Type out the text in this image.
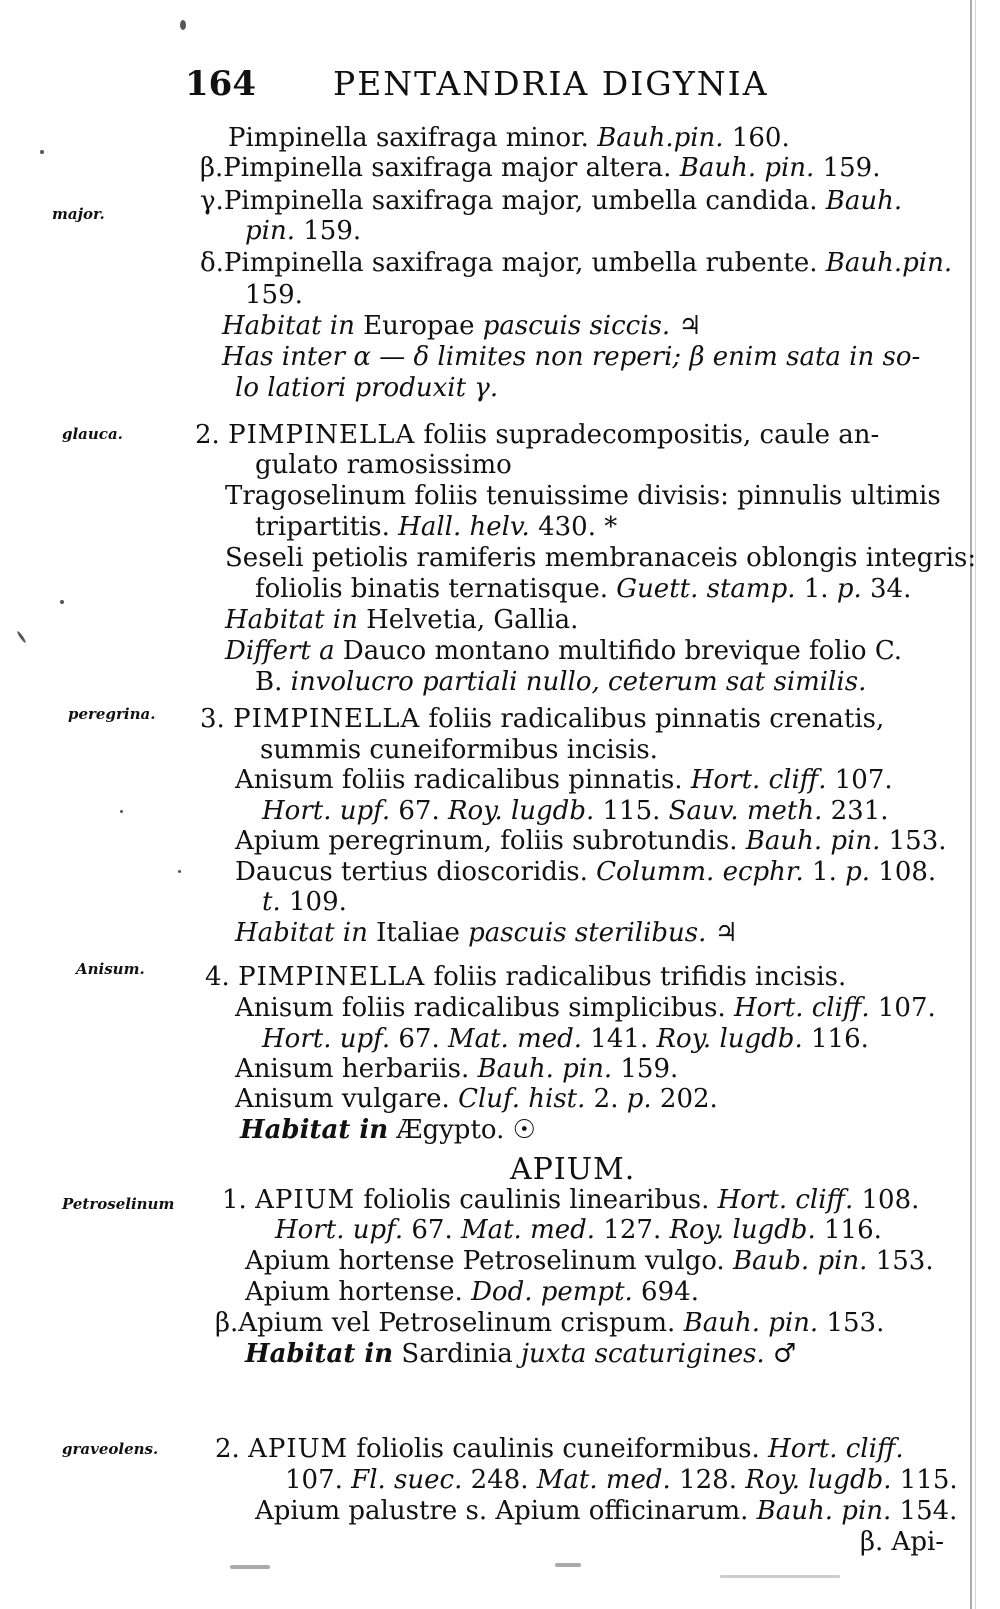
164 PENTANDRIA DIGYNIA
major.
glauca.
peregrina.
Anisum.
Petroselinum
graveolens.
Pimpinella saxifraga minor. Bauh.pin. 160.
β.Pimpinella saxifraga major altera. Bauh. pin. 159.
γ.Pimpinella saxifraga major, umbella candida. Bauh.
pin. 159.
δ.Pimpinella saxifraga major, umbella rubente. Bauh.pin.
159.
Habitat in Europae pascuis siccis. ♃
Has inter α — δ limites non reperi; β enim sata in so-
lo latiori produxit γ.
2. PIMPINELLA foliis supradecompositis, caule an-
gulato ramosissimo
Tragoselinum foliis tenuissime divisis: pinnulis ultimis
tripartitis. Hall. helv. 430. *
Seseli petiolis ramiferis membranaceis oblongis integris:
foliolis binatis ternatisque. Guett. stamp. 1. p. 34.
Habitat in Helvetia, Gallia.
Differt a Dauco montano multifido brevique folio C.
B. involucro partiali nullo, ceterum sat similis.
3. PIMPINELLA foliis radicalibus pinnatis crenatis,
summis cuneiformibus incisis.
Anisum foliis radicalibus pinnatis. Hort. cliff. 107.
Hort. upf. 67. Roy. lugdb. 115. Sauv. meth. 231.
Apium peregrinum, foliis subrotundis. Bauh. pin. 153.
Daucus tertius dioscoridis. Columm. ecphr. 1. p. 108.
t. 109.
Habitat in Italiae pascuis sterilibus. ♃
4. PIMPINELLA foliis radicalibus trifidis incisis.
Anisum foliis radicalibus simplicibus. Hort. cliff. 107.
Hort. upf. 67. Mat. med. 141. Roy. lugdb. 116.
Anisum herbariis. Bauh. pin. 159.
Anisum vulgare. Cluf. hist. 2. p. 202.
Habitat in Ægypto. ☉
APIUM.
1. APIUM foliolis caulinis linearibus. Hort. cliff. 108.
Hort. upf. 67. Mat. med. 127. Roy. lugdb. 116.
Apium hortense Petroselinum vulgo. Baub. pin. 153.
Apium hortense. Dod. pempt. 694.
β.Apium vel Petroselinum crispum. Bauh. pin. 153.
Habitat in Sardinia juxta scaturigines. ♂
2. APIUM foliolis caulinis cuneiformibus. Hort. cliff.
107. Fl. suec. 248. Mat. med. 128. Roy. lugdb. 115.
Apium palustre s. Apium officinarum. Bauh. pin. 154.
β. Api-
